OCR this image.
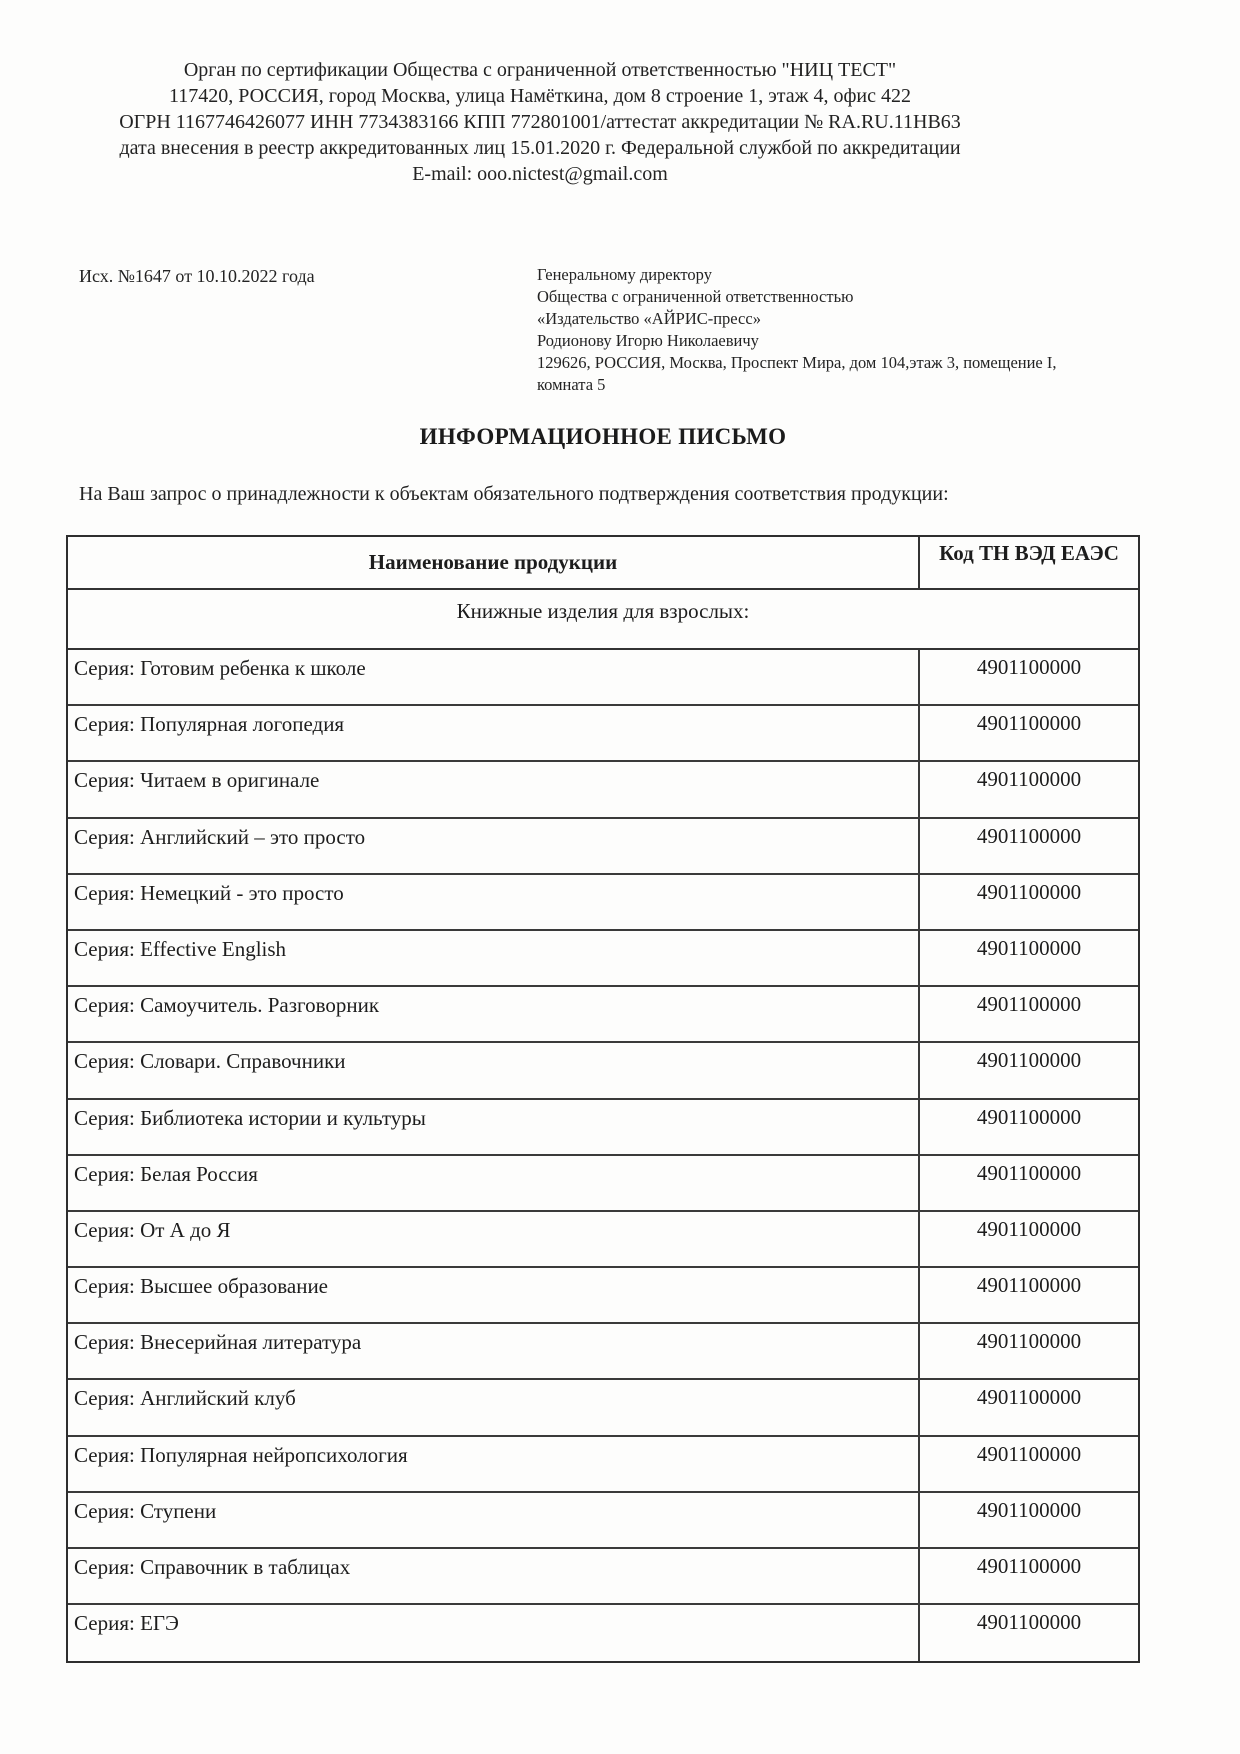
Орган по сертификации Общества с ограниченной ответственностью "НИЦ ТЕСТ"
117420, РОССИЯ, город Москва, улица Намёткина, дом 8 строение 1, этаж 4, офис 422
ОГРН 1167746426077 ИНН 7734383166 КПП 772801001/аттестат аккредитации № RA.RU.11НВ63
дата внесения в реестр аккредитованных лиц 15.01.2020 г. Федеральной службой по аккредитации
E-mail: ooo.nictest@gmail.com
Исх. №1647 от 10.10.2022 года	Генеральному директору
Общества с ограниченной ответственностью
«Издательство «АЙРИС-пресс»
Родионову Игорю Николаевичу
129626, РОССИЯ, Москва, Проспект Мира, дом 104,этаж 3, помещение I,
комната 5
ИНФОРМАЦИОННОЕ ПИСЬМО
На Ваш запрос о принадлежности к объектам обязательного подтверждения соответствия продукции:
Наименование продукции	Код ТН ВЭД ЕАЭС
Книжные изделия для взрослых:
Серия: Готовим ребенка к школе	4901100000
Серия: Популярная логопедия	4901100000
Серия: Читаем в оригинале	4901100000
Серия: Английский – это просто	4901100000
Серия: Немецкий - это просто	4901100000
Серия: Effective English	4901100000
Серия: Самоучитель. Разговорник	4901100000
Серия: Словари. Справочники	4901100000
Серия: Библиотека истории и культуры	4901100000
Серия: Белая Россия	4901100000
Серия: От А до Я	4901100000
Серия: Высшее образование	4901100000
Серия: Внесерийная литература	4901100000
Серия: Английский клуб	4901100000
Серия: Популярная нейропсихология	4901100000
Серия: Ступени	4901100000
Серия: Справочник в таблицах	4901100000
Серия: ЕГЭ	4901100000
